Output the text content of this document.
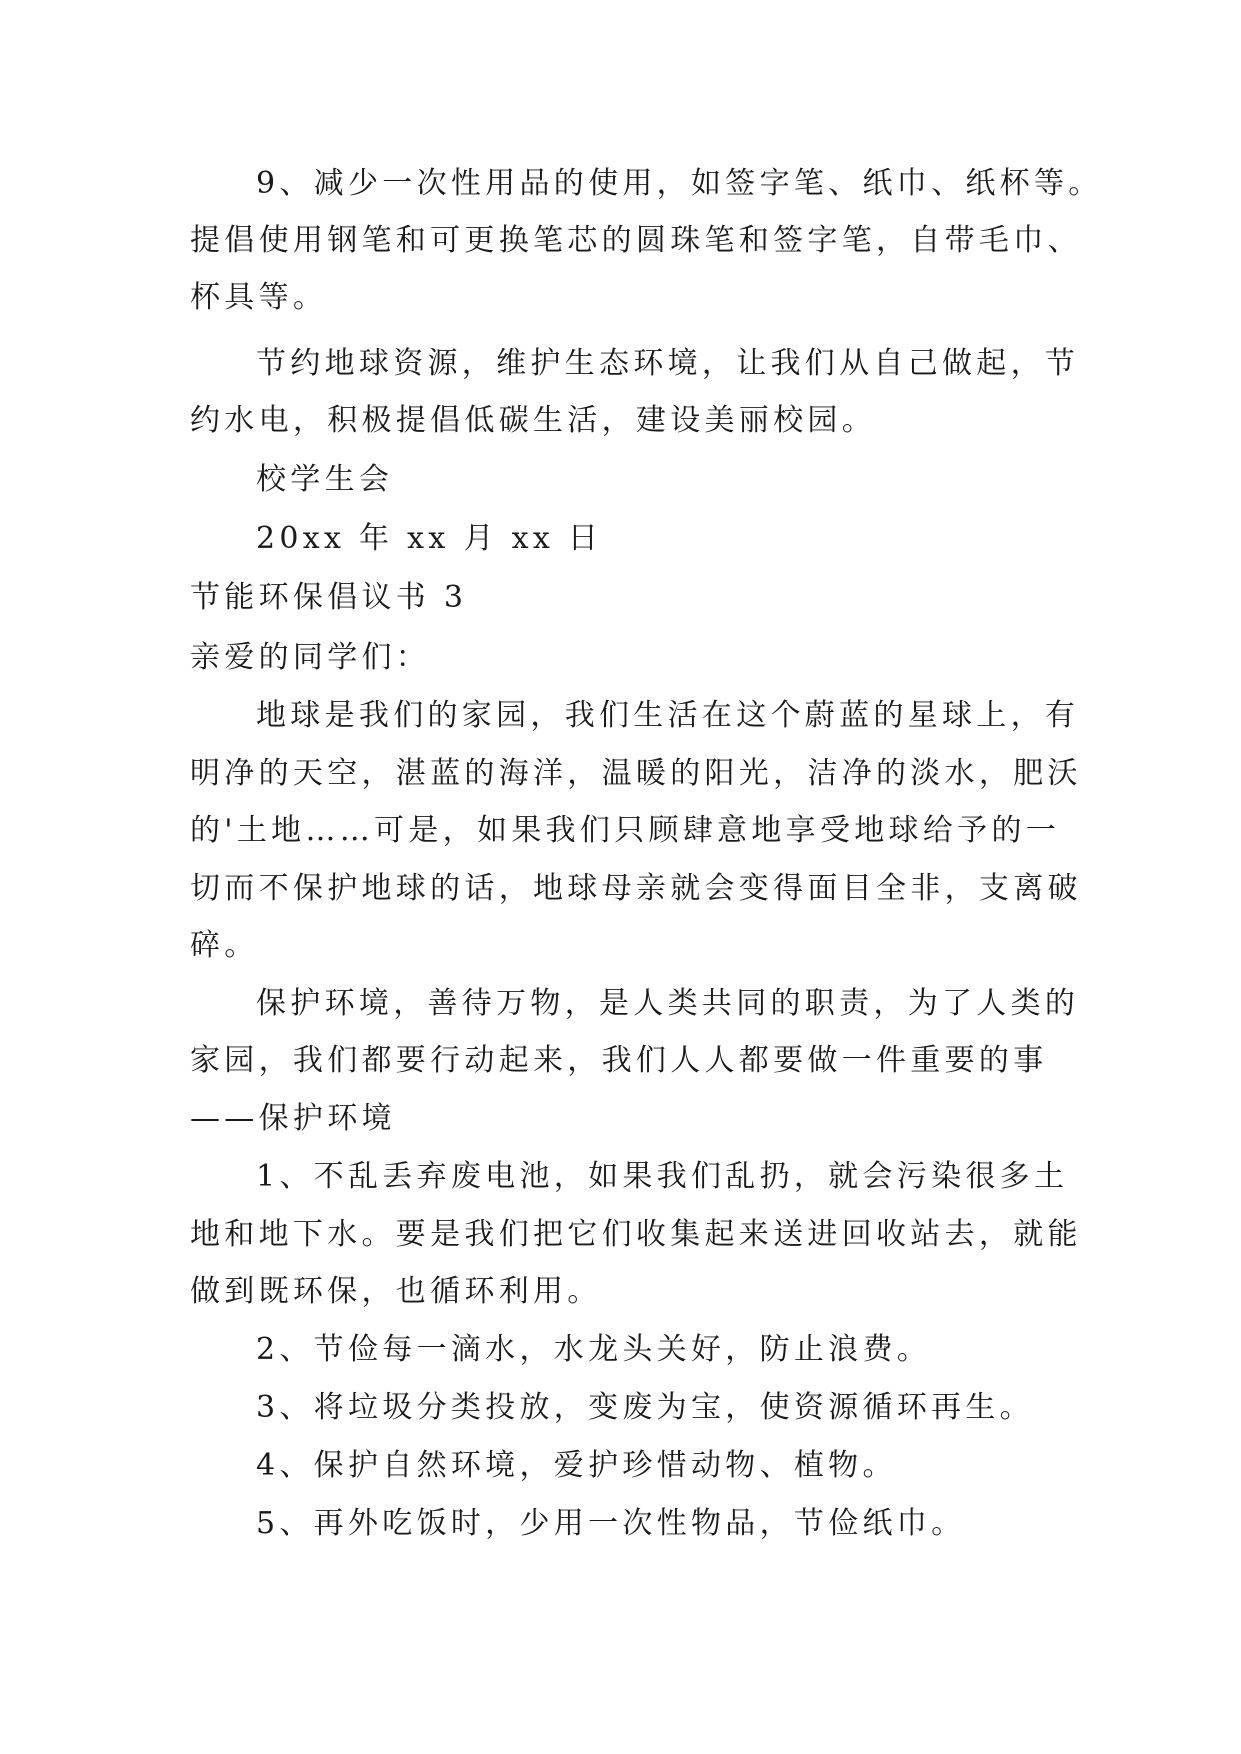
9、减少一次性用品的使用，如签字笔、纸巾、纸杯等。
提倡使用钢笔和可更换笔芯的圆珠笔和签字笔，自带毛巾、
杯具等。
节约地球资源，维护生态环境，让我们从自己做起，节
约水电，积极提倡低碳生活，建设美丽校园。
校学生会
20xx 年 xx 月 xx 日
节能环保倡议书 3
亲爱的同学们：
地球是我们的家园，我们生活在这个蔚蓝的星球上，有
明净的天空，湛蓝的海洋，温暖的阳光，洁净的淡水，肥沃
的'土地……可是，如果我们只顾肆意地享受地球给予的一
切而不保护地球的话，地球母亲就会变得面目全非，支离破
碎。
保护环境，善待万物，是人类共同的职责，为了人类的
家园，我们都要行动起来，我们人人都要做一件重要的事
——保护环境
1、不乱丢弃废电池，如果我们乱扔，就会污染很多土
地和地下水。要是我们把它们收集起来送进回收站去，就能
做到既环保，也循环利用。
2、节俭每一滴水，水龙头关好，防止浪费。
3、将垃圾分类投放，变废为宝，使资源循环再生。
4、保护自然环境，爱护珍惜动物、植物。
5、再外吃饭时，少用一次性物品，节俭纸巾。
